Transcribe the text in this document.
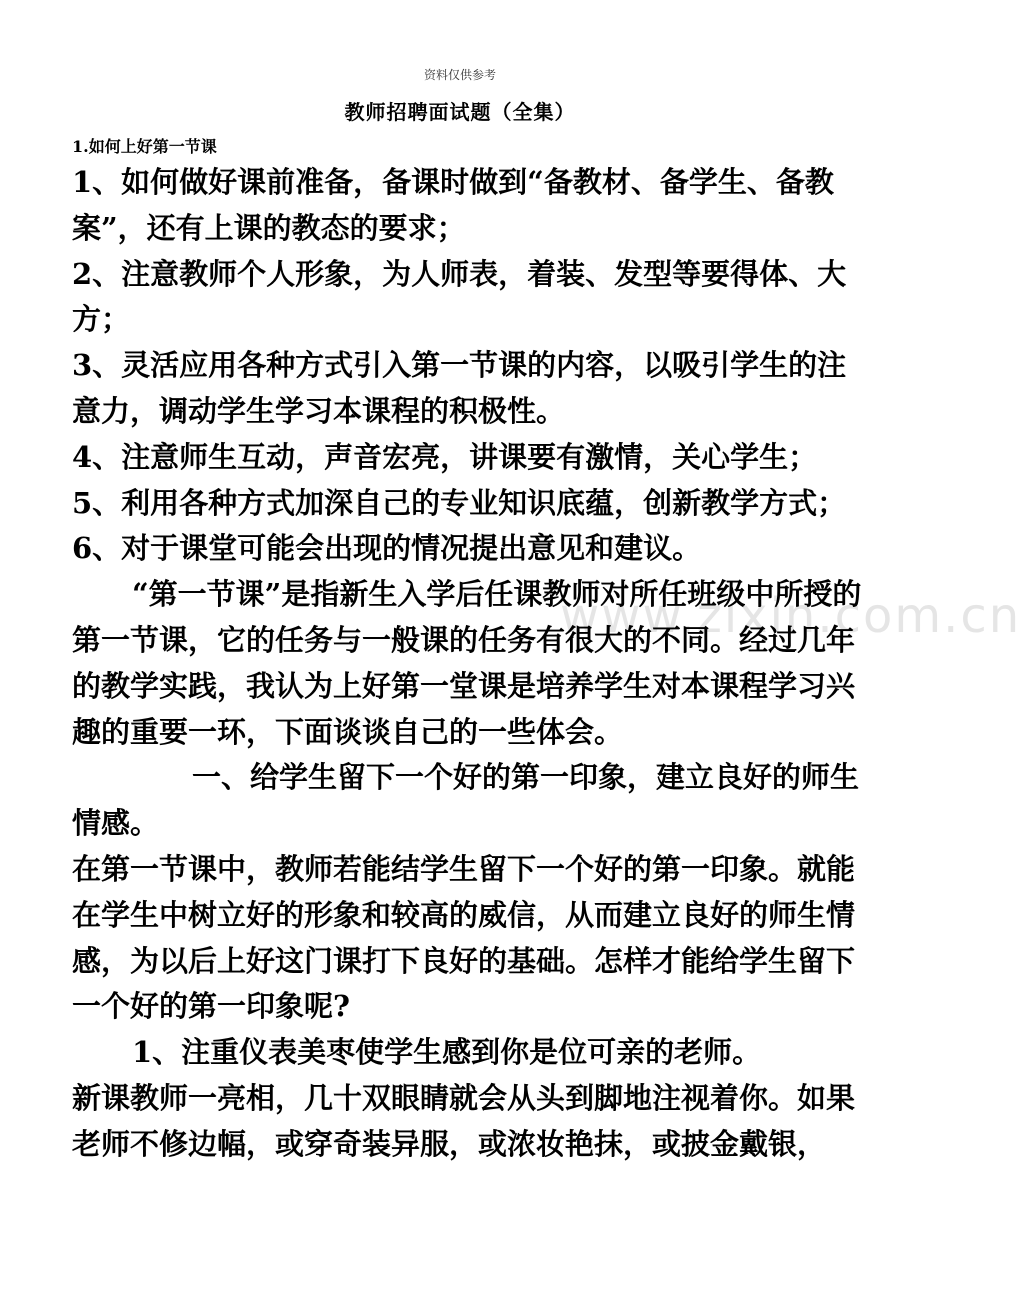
资料仅供参考
教师招聘面试题（全集）
1.如何上好第一节课
www.zixin.com.cn

1、如何做好课前准备，备课时做到“备教材、备学生、备教案”，还有上课的教态的要求；

2、注意教师个人形象，为人师表，着装、发型等要得体、大方；

3、灵活应用各种方式引入第一节课的内容，以吸引学生的注意力，调动学生学习本课程的积极性。

4、注意师生互动，声音宏亮，讲课要有激情，关心学生；

5、利用各种方式加深自己的专业知识底蕴，创新教学方式；

6、对于课堂可能会出现的情况提出意见和建议。

“第一节课”是指新生入学后任课教师对所任班级中所授的第一节课，它的任务与一般课的任务有很大的不同。经过几年的教学实践，我认为上好第一堂课是培养学生对本课程学习兴趣的重要一环，下面谈谈自己的一些体会。

一、给学生留下一个好的第一印象，建立良好的师生情感。

在第一节课中，教师若能结学生留下一个好的第一印象。就能在学生中树立好的形象和较高的威信，从而建立良好的师生情感，为以后上好这门课打下良好的基础。怎样才能给学生留下一个好的第一印象呢?

1、注重仪表美枣使学生感到你是位可亲的老师。

新课教师一亮相，几十双眼睛就会从头到脚地注视着你。如果老师不修边幅，或穿奇装异服，或浓妆艳抹，或披金戴银，
